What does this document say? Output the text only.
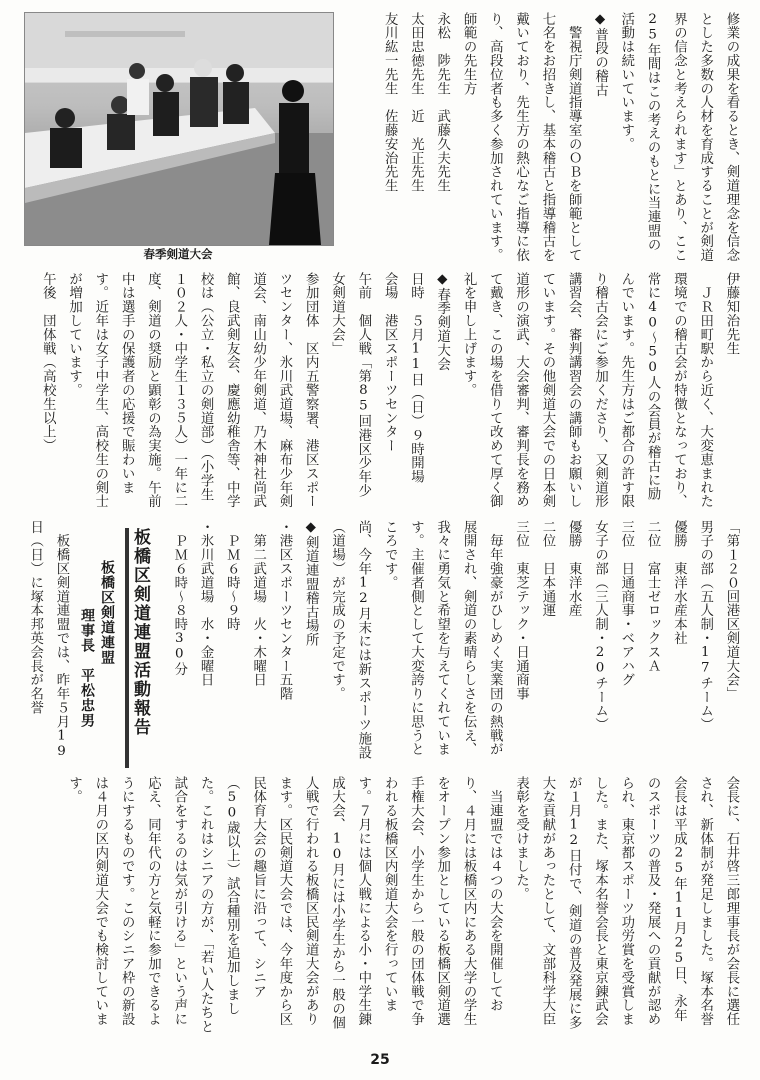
春季剣道大会	修業の成果を看るとき、剣道理念を信念とした多数の人材を育成することが剣道界の信念と考えられます」とあり、ここ25年間はこの考えのもとに当連盟の活動は続いています。
◆普段の稽古
　警視庁剣道指導室のＯＢを師範として七名をお招きし、基本稽古と指導稽古を戴いており、先生方の熱心なご指導に依り、高段位者も多く参加されています。
師範の先生方
永松　陟先生　武藤久夫先生
太田忠徳先生　近　光正先生
友川紘一先生　佐藤安治先生
伊藤知治先生
　ＪＲ田町駅から近く、大変恵まれた環境での稽古会が特徴となっており、常に40～50人の会員が稽古に励んでいます。先生方はご都合の許す限り稽古会にご参加くださり、又剣道形講習会、審判講習会の講師もお願いしています。その他剣道大会での日本剣道形の演武、大会審判、審判長を務めて戴き、この場を借りて改めて厚く御礼を申し上げます。
◆春季剣道大会
日時　５月11日（日）９時開場
会場　港区スポーツセンター
午前　個人戦「第85回港区少年少女剣道大会」
参加団体　区内五警察署、港区スポーツセンター、氷川武道場、麻布少年剣道会、南山幼少年剣道、乃木神社尚武館、良武剣友会、慶應幼稚舎等、中学校は（公立・私立の剣道部）（小学生１０２人・中学生１３５人）一年に二度、剣道の奨励と顕彰の為実施。午前中は選手の保護者の応援で賑わいます。近年は女子中学生、高校生の剣士が増加しています。
午後　団体戦（高校生以上）
「第１２０回港区剣道大会」
男子の部（五人制・17チーム）
優勝　東洋水産本社
二位　富士ゼロックスＡ
三位　日通商事・ベアハグ
女子の部（三人制・20チーム）
優勝　東洋水産
二位　日本通運
三位　東芝テック・日通商事
　毎年強豪がひしめく実業団の熱戦が展開され、剣道の素晴らしさを伝え、我々に勇気と希望を与えてくれています。主催者側として大変誇りに思うところです。
尚、今年12月末には新スポーツ施設（道場）が完成の予定です。
◆剣道連盟稽古場所
・港区スポーツセンター五階
　第二武道場　火・木曜日
　ＰＭ６時～９時
・氷川武道場　水・金曜日
　ＰＭ６時～８時30分
板橋区剣道連盟活動報告
板橋区剣道連盟
理事長　平松忠男
　板橋区剣道連盟では、昨年５月19日（日）に塚本邦英会長が名誉
会長に、石井啓三郎理事長が会長に選任され、新体制が発足しました。塚本名誉会長は平成25年11月25日、永年のスポーツの普及・発展への貢献が認められ、東京都スポーツ功労賞を受賞しました。また、塚本名誉会長と東京錬武会が１月12日付で、剣道の普及発展に多大な貢献があったとして、文部科学大臣表彰を受けました。
　当連盟では４つの大会を開催しており、４月には板橋区内にある大学の学生をオープン参加としている板橋区剣道選手権大会、小学生から一般の団体戦で争われる板橋区内剣道大会を行っています。７月には個人戦による小・中学生錬成大会、10月には小学生から一般の個人戦で行われる板橋区民剣道大会があります。区民剣道大会では、今年度から区民体育大会の趣旨に沿って、シニア（50歳以上）試合種別を追加しました。これはシニアの方が、「若い人たちと試合をするのは気が引ける」という声に応え、同年代の方と気軽に参加できるようにするものです。このシニア枠の新設は４月の区内剣道大会でも検討しています。
25
